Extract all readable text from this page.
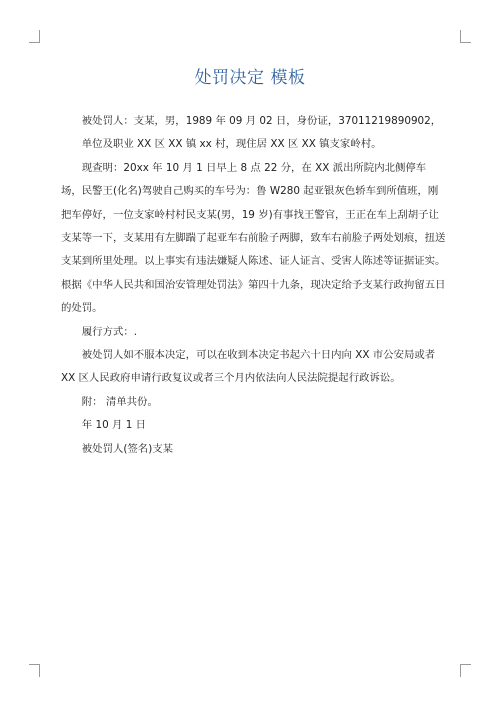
处罚决定 模板

被处罚人：支某，男，1989 年 09 月 02 日，身份证，37011219890902，

单位及职业 XX 区 XX 镇 xx 村，现住居 XX 区 XX 镇支家岭村。

现查明：20xx 年 10 月 1 日早上 8 点 22 分，在 XX 派出所院内北侧停车场，民警王(化名)驾驶自己购买的车号为：鲁 W280 起亚银灰色轿车到所值班，刚把车停好，一位支家岭村村民支某(男，19 岁)有事找王警官，王正在车上刮胡子让支某等一下，支某用有左脚踹了起亚车右前脸子两脚，致车右前脸子两处划痕，扭送支某到所里处理。以上事实有违法嫌疑人陈述、证人证言、受害人陈述等证据证实。根据《中华人民共和国治安管理处罚法》第四十九条，现决定给予支某行政拘留五日的处罚。

履行方式：.

被处罚人如不服本决定，可以在收到本决定书起六十日内向 XX 市公安局或者 XX 区人民政府申请行政复议或者三个月内依法向人民法院提起行政诉讼。

附： 清单共份。

年 10 月 1 日

被处罚人(签名)支某
